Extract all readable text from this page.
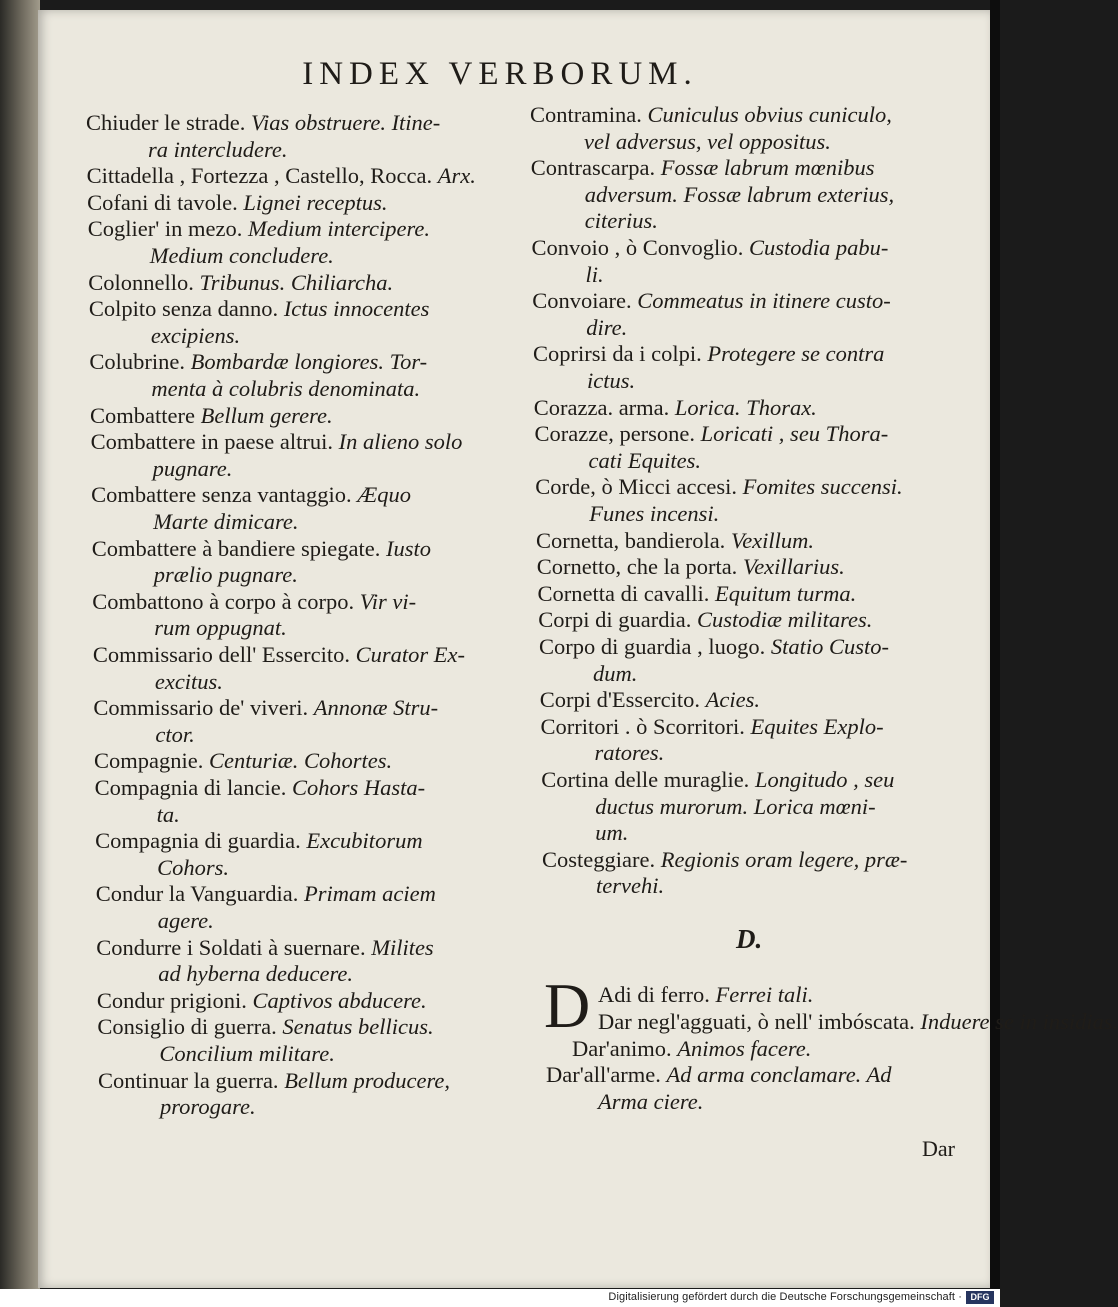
INDEX VERBORUM.
Chiuder le strade. Vias obstruere. Itine-
ra intercludere.
Cittadella , Fortezza , Castello, Rocca. Arx.
Cofani di tavole. Lignei receptus.
Coglier' in mezo. Medium intercipere.
Medium concludere.
Colonnello. Tribunus. Chiliarcha.
Colpito senza danno. Ictus innocentes
excipiens.
Colubrine. Bombardæ longiores. Tor-
menta à colubris denominata.
Combattere Bellum gerere.
Combattere in paese altrui. In alieno solo
pugnare.
Combattere senza vantaggio. Æquo
Marte dimicare.
Combattere à bandiere spiegate. Iusto
prælio pugnare.
Combattono à corpo à corpo. Vir vi-
rum oppugnat.
Commissario dell' Essercito. Curator Ex-
excitus.
Commissario de' viveri. Annonæ Stru-
ctor.
Compagnie. Centuriæ. Cohortes.
Compagnia di lancie. Cohors Hasta-
ta.
Compagnia di guardia. Excubitorum
Cohors.
Condur la Vanguardia. Primam aciem
agere.
Condurre i Soldati à suernare. Milites
ad hyberna deducere.
Condur prigioni. Captivos abducere.
Consiglio di guerra. Senatus bellicus.
Concilium militare.
Continuar la guerra. Bellum producere,
prorogare.
Contramina. Cuniculus obvius cuniculo,
vel adversus, vel oppositus.
Contrascarpa. Fossæ labrum mœnibus
adversum. Fossæ labrum exterius,
citerius.
Convoio , ò Convoglio. Custodia pabu-
li.
Convoiare. Commeatus in itinere custo-
dire.
Coprirsi da i colpi. Protegere se contra
ictus.
Corazza. arma. Lorica. Thorax.
Corazze, persone. Loricati , seu Thora-
cati Equites.
Corde, ò Micci accesi. Fomites succensi.
Funes incensi.
Cornetta, bandierola. Vexillum.
Cornetto, che la porta. Vexillarius.
Cornetta di cavalli. Equitum turma.
Corpi di guardia. Custodiæ militares.
Corpo di guardia , luogo. Statio Custo-
dum.
Corpi d'Essercito. Acies.
Corritori . ò Scorritori. Equites Explo-
ratores.
Cortina delle muraglie. Longitudo , seu
ductus murorum. Lorica mœni-
um.
Costeggiare. Regionis oram legere, præ-
tervehi.
D.
D Adi di ferro. Ferrei tali.
Dar negl'agguati, ò nell' imbóscata. Induere se in insidias.
Dar'animo. Animos facere.
Dar'all'arme. Ad arma conclamare. Ad
Arma ciere.
Dar
Digitalisierung gefördert durch die Deutsche Forschungsgemeinschaft · DFG
